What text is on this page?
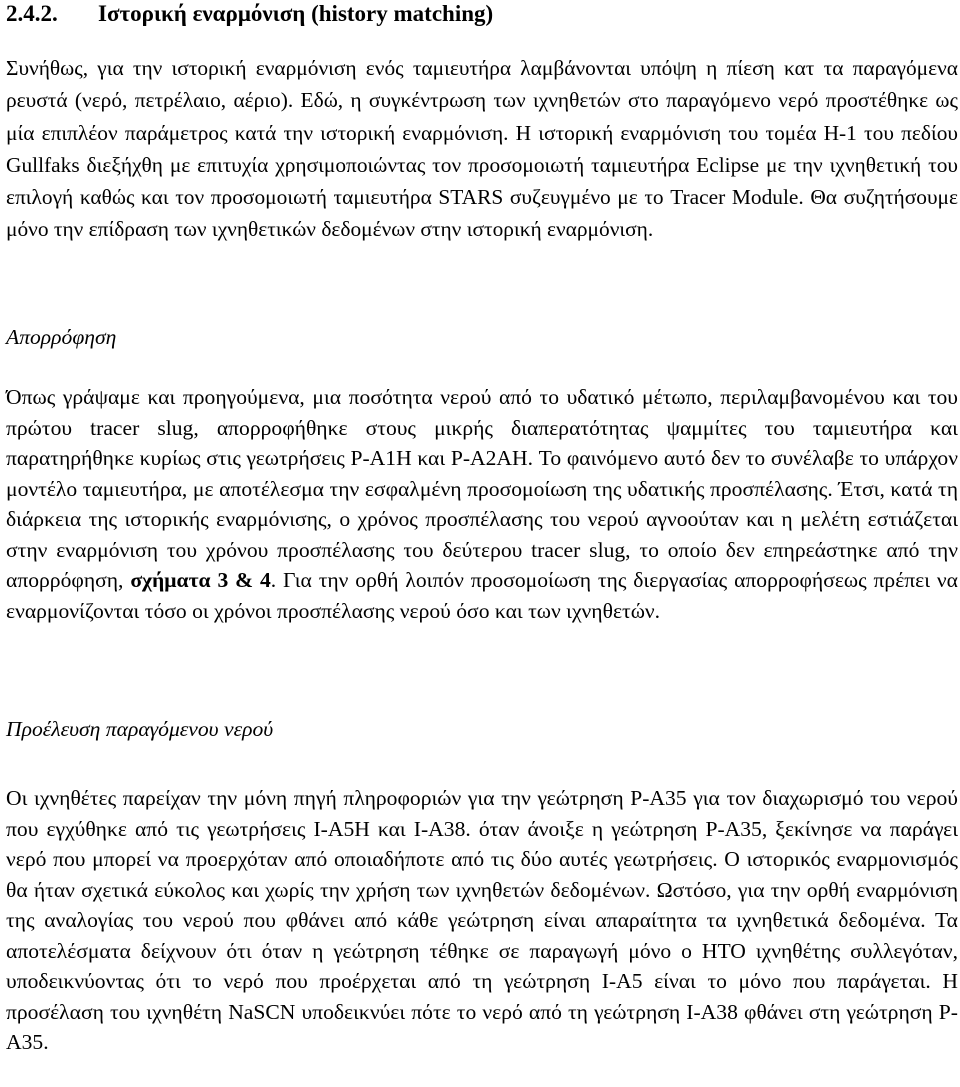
2.4.2. Ιστορική εναρμόνιση (history matching)

Συνήθως, για την ιστορική εναρμόνιση ενός ταμιευτήρα λαμβάνονται υπόψη η πίεση κατ τα παραγόμενα ρευστά (νερό, πετρέλαιο, αέριο). Εδώ, η συγκέντρωση των ιχνηθετών στο παραγόμενο νερό προστέθηκε ως μία επιπλέον παράμετρος κατά την ιστορική εναρμόνιση. Η ιστορική εναρμόνιση του τομέα Η-1 του πεδίου Gullfaks διεξήχθη με επιτυχία χρησιμοποιώντας τον προσομοιωτή ταμιευτήρα Eclipse με την ιχνηθετική του επιλογή καθώς και τον προσομοιωτή ταμιευτήρα STARS συζευγμένο με το Tracer Module. Θα συζητήσουμε μόνο την επίδραση των ιχνηθετικών δεδομένων στην ιστορική εναρμόνιση.

Απορρόφηση

Όπως γράψαμε και προηγούμενα, μια ποσότητα νερού από το υδατικό μέτωπο, περιλαμβανομένου και του πρώτου tracer slug, απορροφήθηκε στους μικρής διαπερατότητας ψαμμίτες του ταμιευτήρα και παρατηρήθηκε κυρίως στις γεωτρήσεις P-A1H και P-A2AH. Το φαινόμενο αυτό δεν το συνέλαβε το υπάρχον μοντέλο ταμιευτήρα, με αποτέλεσμα την εσφαλμένη προσομοίωση της υδατικής προσπέλασης. Έτσι, κατά τη διάρκεια της ιστορικής εναρμόνισης, ο χρόνος προσπέλασης του νερού αγνοούταν και η μελέτη εστιάζεται στην εναρμόνιση του χρόνου προσπέλασης του δεύτερου tracer slug, το οποίο δεν επηρεάστηκε από την απορρόφηση, σχήματα 3 & 4. Για την ορθή λοιπόν προσομοίωση της διεργασίας απορροφήσεως πρέπει να εναρμονίζονται τόσο οι χρόνοι προσπέλασης νερού όσο και των ιχνηθετών.

Προέλευση παραγόμενου νερού

Οι ιχνηθέτες παρείχαν την μόνη πηγή πληροφοριών για την γεώτρηση P-A35 για τον διαχωρισμό του νερού που εγχύθηκε από τις γεωτρήσεις I-A5H και I-A38. όταν άνοιξε η γεώτρηση P-A35, ξεκίνησε να παράγει νερό που μπορεί να προερχόταν από οποιαδήποτε από τις δύο αυτές γεωτρήσεις. Ο ιστορικός εναρμονισμός θα ήταν σχετικά εύκολος και χωρίς την χρήση των ιχνηθετών δεδομένων. Ωστόσο, για την ορθή εναρμόνιση της αναλογίας του νερού που φθάνει από κάθε γεώτρηση είναι απαραίτητα τα ιχνηθετικά δεδομένα. Τα αποτελέσματα δείχνουν ότι όταν η γεώτρηση τέθηκε σε παραγωγή μόνο ο HTO ιχνηθέτης συλλεγόταν, υποδεικνύοντας ότι το νερό που προέρχεται από τη γεώτρηση I-A5 είναι το μόνο που παράγεται. Η προσέλαση του ιχνηθέτη NaSCN υποδεικνύει πότε το νερό από τη γεώτρηση I-A38 φθάνει στη γεώτρηση P-A35.
